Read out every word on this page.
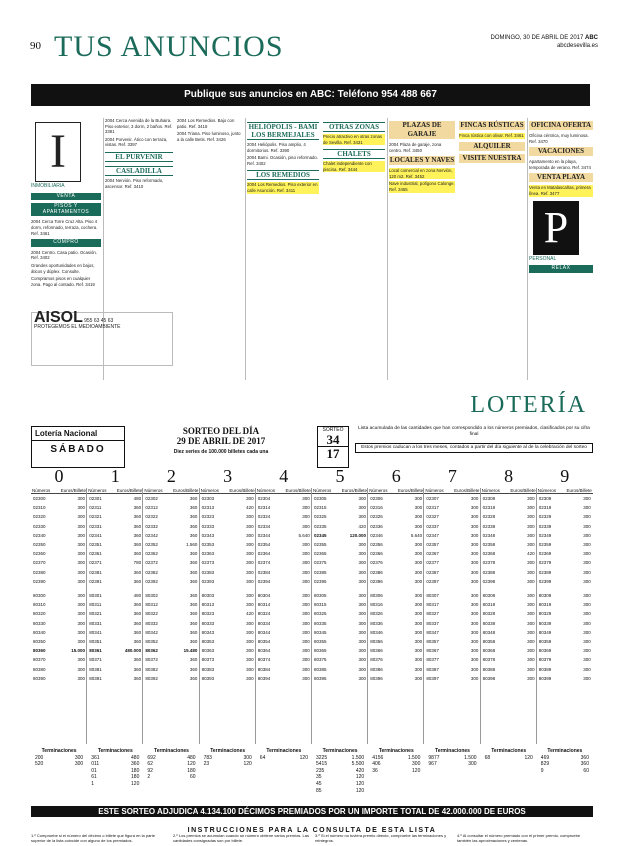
90 TUS ANUNCIOS	DOMINGO, 30 DE ABRIL DE 2017 ABC
abcdesevilla.es
Publique sus anuncios en ABC: Teléfono 954 488 667
I
INMOBILIARIA
VENTA
PISOS Y APARTAMENTOS
2004 Cerca Torre Cruz Alta. Piso 4 dorm, reformado, terraza, cochera. Ref. 3461
COMPRO
2004 Centro. Casa patio. Ocasión. Ref. 3402
Grandes oportunidades en bajos, áticos y dúplex. Consulte.
Compramos pisos en cualquier zona. Pago al contado. Ref. 3419
2004 Cerca Avenida de la Buhaira. Piso exterior, 3 dorm, 2 baños. Ref. 3381
2004 Porvenir. Ático con terraza, vistas. Ref. 3397
EL PURVENIR
CASLADILLA
2004 Nervión. Piso reformado, ascensor. Ref. 3410
AISOL 955 63 45 63
PROTEGEMOS EL MEDIOAMBIENTE
2004 Los Remedios. Bajo con patio. Ref. 3418
2004 Triana. Piso luminoso, junto a la calle Betis. Ref. 3426
HELIÓPOLIS - BAMI LOS BERMEJALES
2004 Heliópolis. Piso amplio, 4 dormitorios. Ref. 3390
2004 Bami. Ocasión, piso reformado. Ref. 3402
LOS REMEDIOS
2004 Los Remedios. Piso exterior en calle Asunción. Ref. 3411
OTRAS ZONAS
Precio atractivo en otras zonas de Sevilla. Ref. 3431
CHALETS
Chalet independiente con piscina. Ref. 3444
PLAZAS DE GARAJE
2004 Plaza de garaje, zona centro. Ref. 3450
LOCALES Y NAVES
Local comercial en zona Nervión, 120 m2. Ref. 3452
Nave industrial, polígono Calonge. Ref. 3455
FINCAS RÚSTICAS
Finca rústica con olivar. Ref. 3461
ALQUILER
VISITE NUESTRA
OFICINA OFERTA
Oficina céntrica, muy luminosa. Ref. 3470
VACACIONES
Apartamento en la playa, temporada de verano. Ref. 3474
VENTA PLAYA
Venta en Matalascañas, primera línea. Ref. 3477
P
PERSONAL
RELAX
LOTERÍA
Lotería Nacional
SÁBADO
SORTEO DEL DÍA
29 DE ABRIL DE 2017
Diez series de 100.000 billetes cada una
SORTEO
34
17
Lista acumulada de las cantidades que han correspondido a los números premiados, clasificados por su cifra final
Estos premios caducan a los tres meses, contados a partir del día siguiente al de la celebración del sorteo
0	1	2	3	4	5	6	7	8	9
Números Euros/Billete
02300	300
02310	300
02320	300
02330	300
02340	300
02350	300
02360	300
02370	300
02380	300
02390	300
80300	300
80310	300
80320	300
80330	300
80340	300
80350	300
80360	15.000
80370	300
80380	300
80390	300
Números Euros/Billete
02301	480
02311	360
02321	360
02331	360
02341	360
02351	360
02361	360
02371	780
02381	360
02391	360
80301	480
80311	360
80321	360
80331	360
80341	360
80351	360
80361	480.000
80371	360
80381	360
80391	360
Números Euros/Billete
02302	360
02312	360
02322	360
02332	360
02342	360
02352	1.560
02362	360
02372	360
02382	360
02392	360
80302	360
80312	360
80322	360
80332	360
80342	360
80352	360
80362	15.480
80372	360
80382	360
80392	360
Números Euros/Billete
02303	300
02313	420
02323	300
02333	300
02343	300
02353	300
02363	300
02373	300
02383	300
02393	300
80303	300
80313	300
80323	420
80333	300
80343	300
80353	300
80363	300
80373	300
80383	300
80393	300
Números Euros/Billete
02304	300
02314	300
02324	300
02334	300
02344	5.640
02354	300
02364	300
02374	300
02384	300
02394	300
80304	300
80314	300
80324	300
80334	300
80344	300
80354	300
80364	300
80374	300
80384	300
80394	300
Números Euros/Billete
02305	300
02315	300
02325	300
02335	420
02345	120.000
02355	300
02365	300
02375	300
02385	300
02395	300
80305	300
80315	300
80325	300
80335	300
80345	300
80355	300
80365	300
80375	300
80385	300
80395	300
Números Euros/Billete
02306	300
02316	300
02326	300
02336	300
02346	5.640
02356	300
02366	300
02376	300
02386	300
02396	300
80306	300
80316	300
80326	300
80336	300
80346	300
80356	300
80366	300
80376	300
80386	300
80396	300
Números Euros/Billete
02307	300
02317	300
02327	300
02337	300
02347	300
02357	300
02367	300
02377	300
02387	300
02397	300
80307	300
80317	300
80327	300
80337	300
80347	300
80357	300
80367	300
80377	300
80387	300
80397	300
Números Euros/Billete
02308	300
02318	300
02328	300
02338	300
02348	300
02358	300
02368	420
02378	300
02388	300
02398	300
80308	300
80318	300
80328	300
80338	300
80348	300
80358	300
80368	300
80378	300
80388	300
80398	300
Números Euros/Billete
02309	300
02319	300
02329	300
02339	300
02349	300
02359	300
02369	300
02379	300
02389	300
02399	300
80309	300
80319	300
80329	300
80339	300
80349	300
80359	300
80369	300
80379	300
80389	300
80399	300
Terminaciones
200	300
520	300
Terminaciones
361	480
011	360
01	180
61	180
1	120
Terminaciones
692	480
62	120
92	180
2	60
Terminaciones
783	300
23	120
Terminaciones
64	120
Terminaciones
3225	1.500
5415	5.500
235	420
35	120
45	120
85	120
Terminaciones
4156	1.500
406	300
36	120
Terminaciones
9877	1.500
967	300
Terminaciones
68	120
Terminaciones
469	360
829	360
9	60
ESTE SORTEO ADJUDICA 4.134.100 DÉCIMOS PREMIADOS POR UN IMPORTE TOTAL DE 42.000.000 DE EUROS
INSTRUCCIONES PARA LA CONSULTA DE ESTA LISTA
1.º Compruebe si el número del décimo o billete que figura en la parte superior de la lista coincide con alguno de los premiados.
2.º Los premios se acumulan cuando un número obtiene varios premios. Las cantidades consignadas son por billete.
3.º Si el número no tuviera premio directo, compruebe las terminaciones y reintegros.
4.º Al consultar el número premiado con el primer premio, compruebe también las aproximaciones y centenas.
